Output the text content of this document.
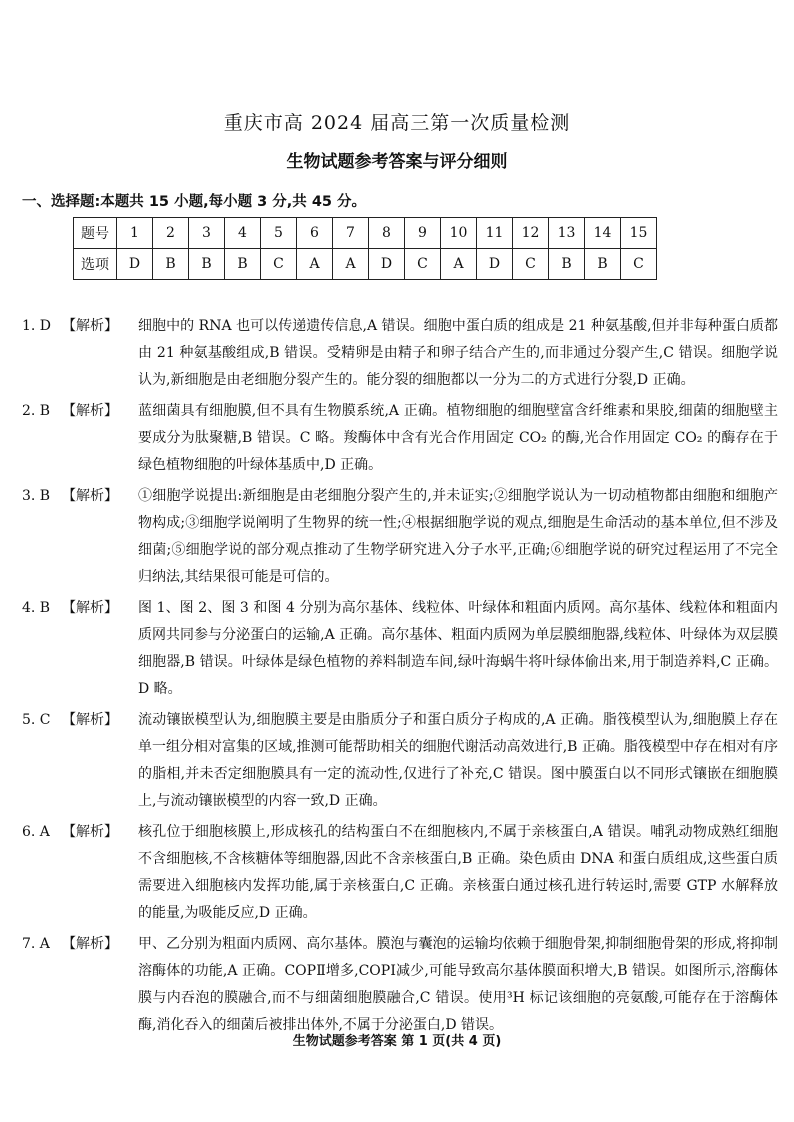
重庆市高 2024 届高三第一次质量检测
生物试题参考答案与评分细则
一、选择题:本题共 15 小题,每小题 3 分,共 45 分。
题号	1	2	3	4	5	6	7	8	9	10	11	12	13	14	15
选项	D	B	B	B	C	A	A	D	C	A	D	C	B	B	C
1. D 【解析】	细胞中的 RNA 也可以传递遗传信息,A 错误。细胞中蛋白质的组成是 21 种氨基酸,但并非每种蛋白质都由 21 种氨基酸组成,B 错误。受精卵是由精子和卵子结合产生的,而非通过分裂产生,C 错误。细胞学说认为,新细胞是由老细胞分裂产生的。能分裂的细胞都以一分为二的方式进行分裂,D 正确。
2. B 【解析】	蓝细菌具有细胞膜,但不具有生物膜系统,A 正确。植物细胞的细胞壁富含纤维素和果胶,细菌的细胞壁主要成分为肽聚糖,B 错误。C 略。羧酶体中含有光合作用固定 CO₂ 的酶,光合作用固定 CO₂ 的酶存在于绿色植物细胞的叶绿体基质中,D 正确。
3. B 【解析】	①细胞学说提出:新细胞是由老细胞分裂产生的,并未证实;②细胞学说认为一切动植物都由细胞和细胞产物构成;③细胞学说阐明了生物界的统一性;④根据细胞学说的观点,细胞是生命活动的基本单位,但不涉及细菌;⑤细胞学说的部分观点推动了生物学研究进入分子水平,正确;⑥细胞学说的研究过程运用了不完全归纳法,其结果很可能是可信的。
4. B 【解析】	图 1、图 2、图 3 和图 4 分别为高尔基体、线粒体、叶绿体和粗面内质网。高尔基体、线粒体和粗面内质网共同参与分泌蛋白的运输,A 正确。高尔基体、粗面内质网为单层膜细胞器,线粒体、叶绿体为双层膜细胞器,B 错误。叶绿体是绿色植物的养料制造车间,绿叶海蜗牛将叶绿体偷出来,用于制造养料,C 正确。D 略。
5. C 【解析】	流动镶嵌模型认为,细胞膜主要是由脂质分子和蛋白质分子构成的,A 正确。脂筏模型认为,细胞膜上存在单一组分相对富集的区域,推测可能帮助相关的细胞代谢活动高效进行,B 正确。脂筏模型中存在相对有序的脂相,并未否定细胞膜具有一定的流动性,仅进行了补充,C 错误。图中膜蛋白以不同形式镶嵌在细胞膜上,与流动镶嵌模型的内容一致,D 正确。
6. A 【解析】	核孔位于细胞核膜上,形成核孔的结构蛋白不在细胞核内,不属于亲核蛋白,A 错误。哺乳动物成熟红细胞不含细胞核,不含核糖体等细胞器,因此不含亲核蛋白,B 正确。染色质由 DNA 和蛋白质组成,这些蛋白质需要进入细胞核内发挥功能,属于亲核蛋白,C 正确。亲核蛋白通过核孔进行转运时,需要 GTP 水解释放的能量,为吸能反应,D 正确。
7. A 【解析】	甲、乙分别为粗面内质网、高尔基体。膜泡与囊泡的运输均依赖于细胞骨架,抑制细胞骨架的形成,将抑制溶酶体的功能,A 正确。COPⅡ增多,COPⅠ减少,可能导致高尔基体膜面积增大,B 错误。如图所示,溶酶体膜与内吞泡的膜融合,而不与细菌细胞膜融合,C 错误。使用³H 标记该细胞的亮氨酸,可能存在于溶酶体酶,消化吞入的细菌后被排出体外,不属于分泌蛋白,D 错误。
生物试题参考答案 第 1 页(共 4 页)
